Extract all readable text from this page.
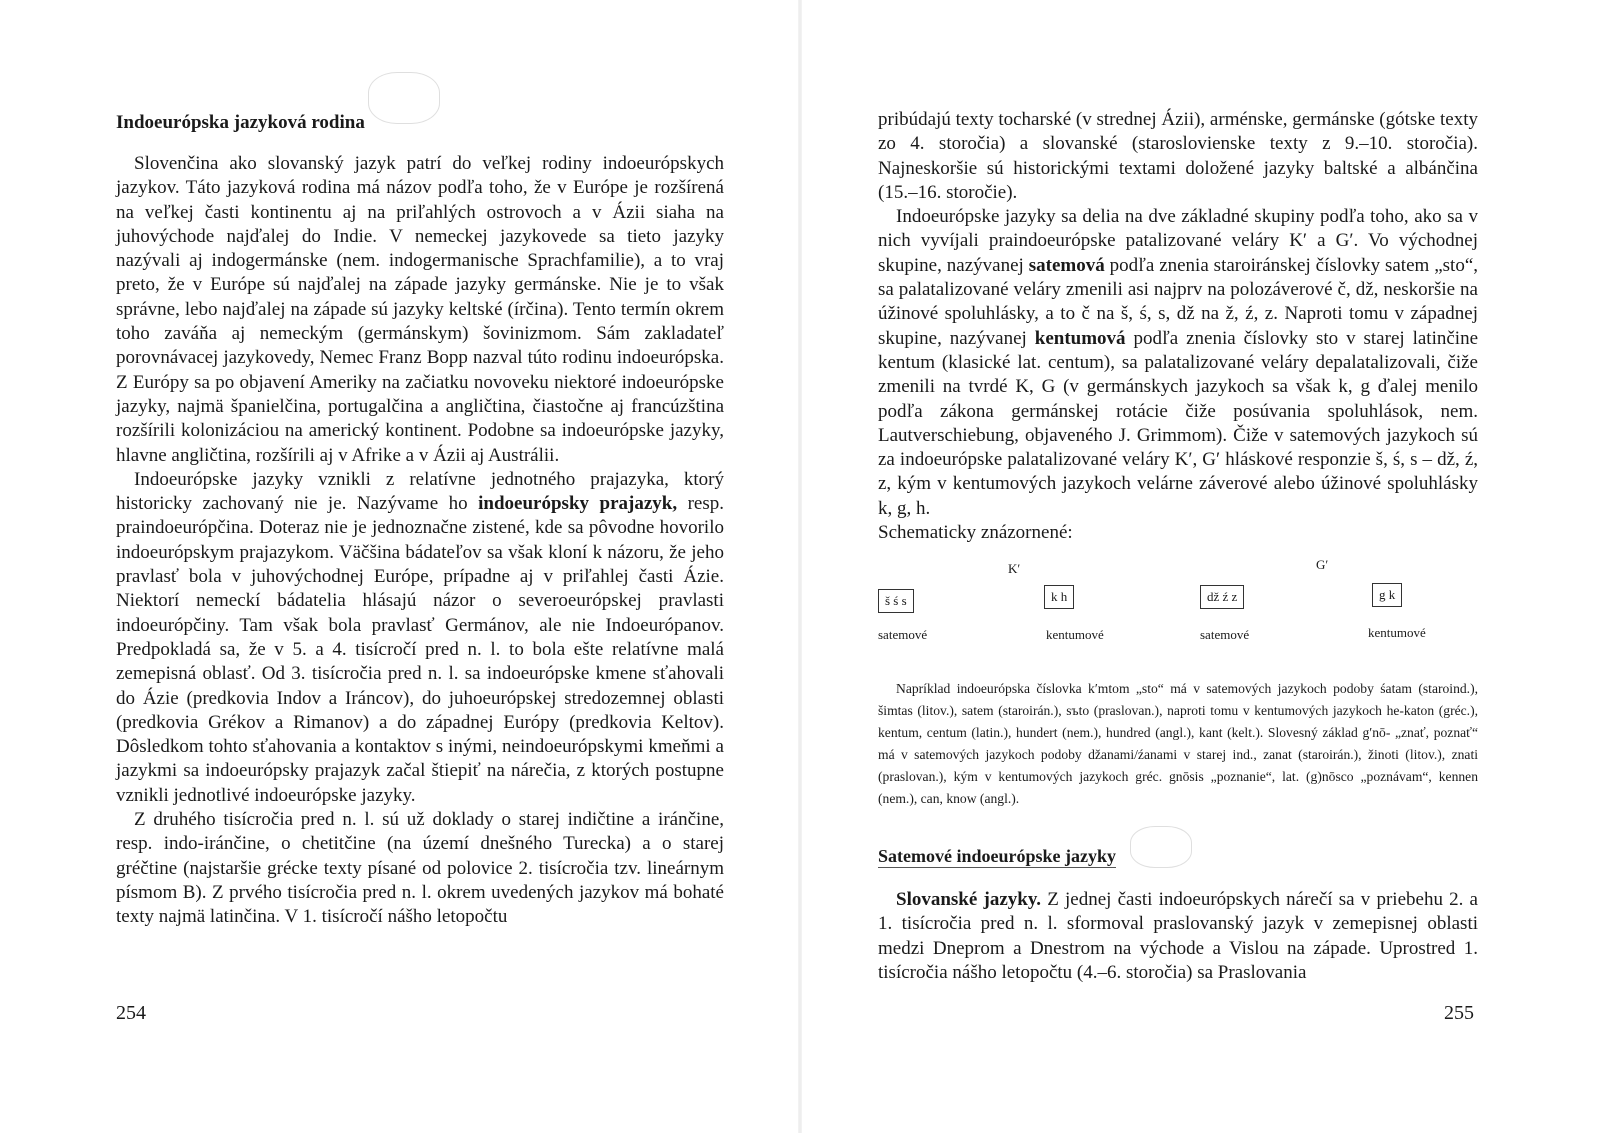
Indoeurópska jazyková rodina

Slovenčina ako slovanský jazyk patrí do veľkej rodiny indoeurópskych jazykov. Táto jazyková rodina má názov podľa toho, že v Európe je rozšírená na veľkej časti kontinentu aj na priľahlých ostrovoch a v Ázii siaha na juhovýchode najďalej do Indie. V nemeckej jazykovede sa tieto jazyky nazývali aj indogermánske (nem. indogermanische Sprachfamilie), a to vraj preto, že v Európe sú najďalej na západe jazyky germánske. Nie je to však správne, lebo najďalej na západe sú jazyky keltské (írčina). Tento termín okrem toho zaváňa aj nemeckým (germánskym) šovinizmom. Sám zakladateľ porovnávacej jazykovedy, Nemec Franz Bopp nazval túto rodinu indoeurópska. Z Európy sa po objavení Ameriky na začiatku novoveku niektoré indoeurópske jazyky, najmä španielčina, portugalčina a angličtina, čiastočne aj francúzština rozšírili kolonizáciou na americký kontinent. Podobne sa indoeurópske jazyky, hlavne angličtina, rozšírili aj v Afrike a v Ázii aj Austrálii.

Indoeurópske jazyky vznikli z relatívne jednotného prajazyka, ktorý historicky zachovaný nie je. Nazývame ho indoeurópsky prajazyk, resp. praindoeurópčina. Doteraz nie je jednoznačne zistené, kde sa pôvodne hovorilo indoeurópskym prajazykom. Väčšina bádateľov sa však kloní k názoru, že jeho pravlasť bola v juhovýchodnej Európe, prípadne aj v priľahlej časti Ázie. Niektorí nemeckí bádatelia hlásajú názor o severoeurópskej pravlasti indoeurópčiny. Tam však bola pravlasť Germánov, ale nie Indoeurópanov. Predpokladá sa, že v 5. a 4. tisícročí pred n. l. to bola ešte relatívne malá zemepisná oblasť. Od 3. tisícročia pred n. l. sa indoeurópske kmene sťahovali do Ázie (predkovia Indov a Iráncov), do juhoeurópskej stredozemnej oblasti (predkovia Grékov a Rimanov) a do západnej Európy (predkovia Keltov). Dôsledkom tohto sťahovania a kontaktov s inými, neindoeurópskymi kmeňmi a jazykmi sa indoeurópsky prajazyk začal štiepiť na nárečia, z ktorých postupne vznikli jednotlivé indoeurópske jazyky.

Z druhého tisícročia pred n. l. sú už doklady o starej indičtine a iránčine, resp. indo-iránčine, o chetitčine (na území dnešného Turecka) a o starej gréčtine (najstaršie grécke texty písané od polovice 2. tisícročia tzv. lineárnym písmom B). Z prvého tisícročia pred n. l. okrem uvedených jazykov má bohaté texty najmä latinčina. V 1. tisícročí nášho letopočtu

254

pribúdajú texty tocharské (v strednej Ázii), arménske, germánske (gótske texty zo 4. storočia) a slovanské (staroslovienske texty z 9.–10. storočia). Najneskoršie sú historickými textami doložené jazyky baltské a albánčina (15.–16. storočie).

Indoeurópske jazyky sa delia na dve základné skupiny podľa toho, ako sa v nich vyvíjali praindoeurópske patalizované veláry K′ a G′. Vo východnej skupine, nazývanej satemová podľa znenia staroiránskej číslovky satem „sto“, sa palatalizované veláry zmenili asi najprv na polozáverové č, dž, neskoršie na úžinové spoluhlásky, a to č na š, ś, s, dž na ž, ź, z. Naproti tomu v západnej skupine, nazývanej kentumová podľa znenia číslovky sto v starej latinčine kentum (klasické lat. centum), sa palatalizované veláry depalatalizovali, čiže zmenili na tvrdé K, G (v germánskych jazykoch sa však k, g ďalej menilo podľa zákona germánskej rotácie čiže posúvania spoluhlások, nem. Lautverschiebung, objaveného J. Grimmom). Čiže v satemových jazykoch sú za indoeurópske palatalizované veláry K′, G′ hláskové responzie š, ś, s – dž, ź, z, kým v kentumových jazykoch velárne záverové alebo úžinové spoluhlásky k, g, h.

Schematicky znázornené:

K′	G′
š ś s	k h	dž ź z	g k
satemové	kentumové	satemové	kentumové

Napríklad indoeurópska číslovka k′mtom „sto“ má v satemových jazykoch podoby śatam (staroind.), šimtas (litov.), satem (staroirán.), sъto (praslovan.), naproti tomu v kentumových jazykoch he-katon (gréc.), kentum, centum (latin.), hundert (nem.), hundred (angl.), kant (kelt.). Slovesný základ g′nō- „znať, poznať“ má v satemových jazykoch podoby džanami/źanami v starej ind., zanat (staroirán.), žinoti (litov.), znati (praslovan.), kým v kentumových jazykoch gréc. gnōsis „poznanie“, lat. (g)nōsco „poznávam“, kennen (nem.), can, know (angl.).

Satemové indoeurópske jazyky

Slovanské jazyky. Z jednej časti indoeurópskych nárečí sa v priebehu 2. a 1. tisícročia pred n. l. sformoval praslovanský jazyk v zemepisnej oblasti medzi Dneprom a Dnestrom na východe a Vislou na západe. Uprostred 1. tisícročia nášho letopočtu (4.–6. storočia) sa Praslovania

255
